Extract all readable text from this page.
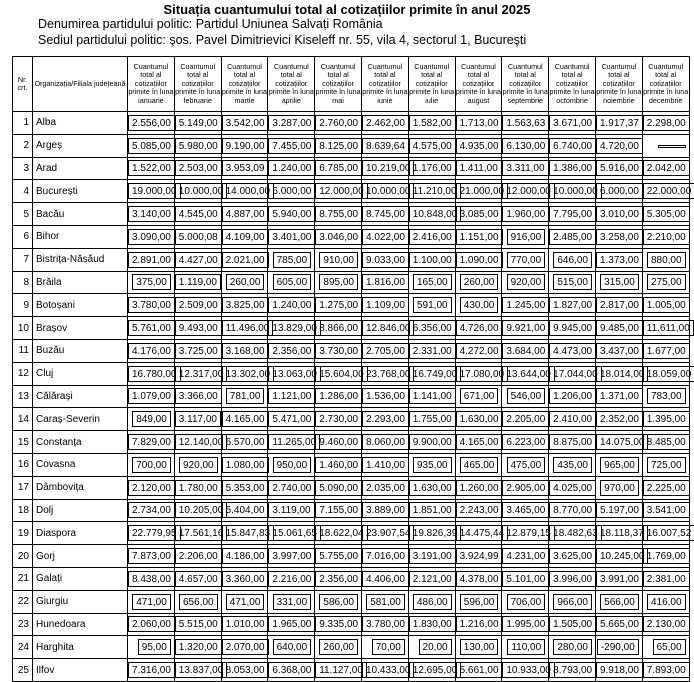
Situația cuantumului total al cotizațiilor primite în anul 2025
Denumirea partidului politic: Partidul Uniunea Salvați România
Sediul partidului politic: şos. Pavel Dimitrievici Kiseleff nr. 55, vila 4, sectorul 1, Bucureşti
Nr. crt.	Organizația/Filiala județeană	Cuantumul total al cotizațiilor primite în luna ianuarie	Cuantumul total al cotizațiilor primite în luna februarie	Cuantumul total al cotizațiilor primite în luna martie	Cuantumul total al cotizațiilor primite în luna aprilie	Cuantumul total al cotizațiilor primite în luna mai	Cuantumul total al cotizațiilor primite în luna iunie	Cuantumul total al cotizațiilor primite în luna iulie	Cuantumul total al cotizațiilor primite în luna august	Cuantumul total al cotizațiilor primite în luna septembrie	Cuantumul total al cotizațiilor primite în luna octombrie	Cuantumul total al cotizațiilor primite în luna noiembrie	Cuantumul total al cotizațiilor primite în luna decembrie
1	Alba	2.556,00	5.149,00	3.542,00	3.287,00	2.760,00	2.462,00	1.582,00	1.713,00	1.563,63	3.671,00	1.917,37	2.298,00
2	Argeș	5.085,00	5.980,00	9.190,00	7.455,00	8.125,00	8.639,64	4.575,00	4.935,00	6.130,00	6.740,00	4.720,00	
3	Arad	1.522,00	2.503,00	3.953,09	1.240,00	6.785,00	10.219,00	1.176,00	1.411,00	3.311,00	1.386,00	5.916,00	2.042,00
4	București	19.000,00	10.000,00	14.000,00	6.000,00	12.000,00	10.000,00	11.210,00	21.000,00	12.000,00	10.000,00	6.000,00	22.000,00
5	Bacău	3.140,00	4.545,00	4.887,00	5.940,00	8.755,00	8.745,00	10.848,00	3.085,00	1.960,00	7.795,00	3.010,00	5.305,00
6	Bihor	3.090,00	5.000,08	4.109,00	3.401,00	3.046,00	4.022,00	2.416,00	1.151,00	916,00	2.485,00	3.258,00	2.210,00
7	Bistrița-Năsăud	2.891,00	4.427,00	2.021,00	785,00	910,00	9.033,00	1.100,00	1.090,00	770,00	646,00	1.373,00	880,00
8	Brăila	375,00	1.119,00	260,00	605,00	895,00	1.816,00	165,00	260,00	920,00	515,00	315,00	275,00
9	Botoșani	3.780,00	2.509,00	3.825,00	1.240,00	1.275,00	1.109,00	591,00	430,00	1.245,00	1.827,00	2.817,00	1.005,00
10	Brașov	5.761,00	9.493,00	11.496,00	13.829,00	8.866,00	12.846,00	6.356,00	4.726,00	9.921,00	9.945,00	9.485,00	11.611,00
11	Buzău	4.176,00	3.725,00	3.168,00	2.356,00	3.730,00	2.705,00	2.331,00	4.272,00	3.684,00	4.473,00	3.437,00	1.677,00
12	Cluj	16.780,00	12.317,00	13.302,00	13.063,00	15.604,00	23.768,00	16.749,00	17.080,00	13.644,00	17.044,00	18.014,00	18.059,00
13	Călărași	1.079,00	3.366,00	781,00	1.121,00	1.286,00	1.536,00	1.141,00	671,00	546,00	1.206,00	1.371,00	783,00
14	Caraș-Severin	849,00	3.117,00	4.165,00	5.471,00	2.730,00	2.293,00	1.755,00	1.630,00	2.205,00	2.410,00	2.352,00	1.395,00
15	Constanța	7.829,00	12.140,00	6.570,00	11.265,00	9.460,00	8.060,00	9.900,00	4.165,00	6.223,00	8.875,00	14.075,00	8.485,00
16	Covasna	700,00	920,00	1.080,00	950,00	1.460,00	1.410,00	935,00	465,00	475,00	435,00	965,00	725,00
17	Dâmbovița	2.120,00	1.780,00	5.353,00	2.740,00	5.090,00	2.035,00	1.630,00	1.260,00	2.905,00	4.025,00	970,00	2.225,00
18	Dolj	2.734,00	10.205,00	5.404,00	3.119,00	7.155,00	3.889,00	1.851,00	2.243,00	3.465,00	8.770,00	5.197,00	3.541,00
19	Diaspora	22.779,95	17.561,16	15.847,83	15.061,65	18.622,04	23.907,54	19.826,39	14.475,44	12.879,15	18.482,63	18.118,37	16.007,52
20	Gorj	7.873,00	2.206,00	4.186,00	3.997,00	5.755,00	7.016,00	3.191,00	3.924,99	4.231,00	3.625,00	10.245,00	1.769,00
21	Galați	8.438,00	4.657,00	3.360,00	2.216,00	2.356,00	4.406,00	2.121,00	4.378,00	5.101,00	3.996,00	3.991,00	2.381,00
22	Giurgiu	471,00	656,00	471,00	331,00	586,00	581,00	486,00	596,00	706,00	966,00	566,00	416,00
23	Hunedoara	2.060,00	5.515,00	1.010,00	1.965,00	9.335,00	3.780,00	1.830,00	1.216,00	1.995,00	1.505,00	5.665,00	2.130,00
24	Harghita	95,00	1.320,00	2.070,00	640,00	260,00	70,00	20,00	130,00	110,00	280,00	-290,00	65,00
25	Ilfov	7.316,00	13.837,00	8.053,00	6.368,00	11.127,00	10.433,00	12.695,00	5.661,00	10.933,00	8.793,00	9.918,00	7.893,00
